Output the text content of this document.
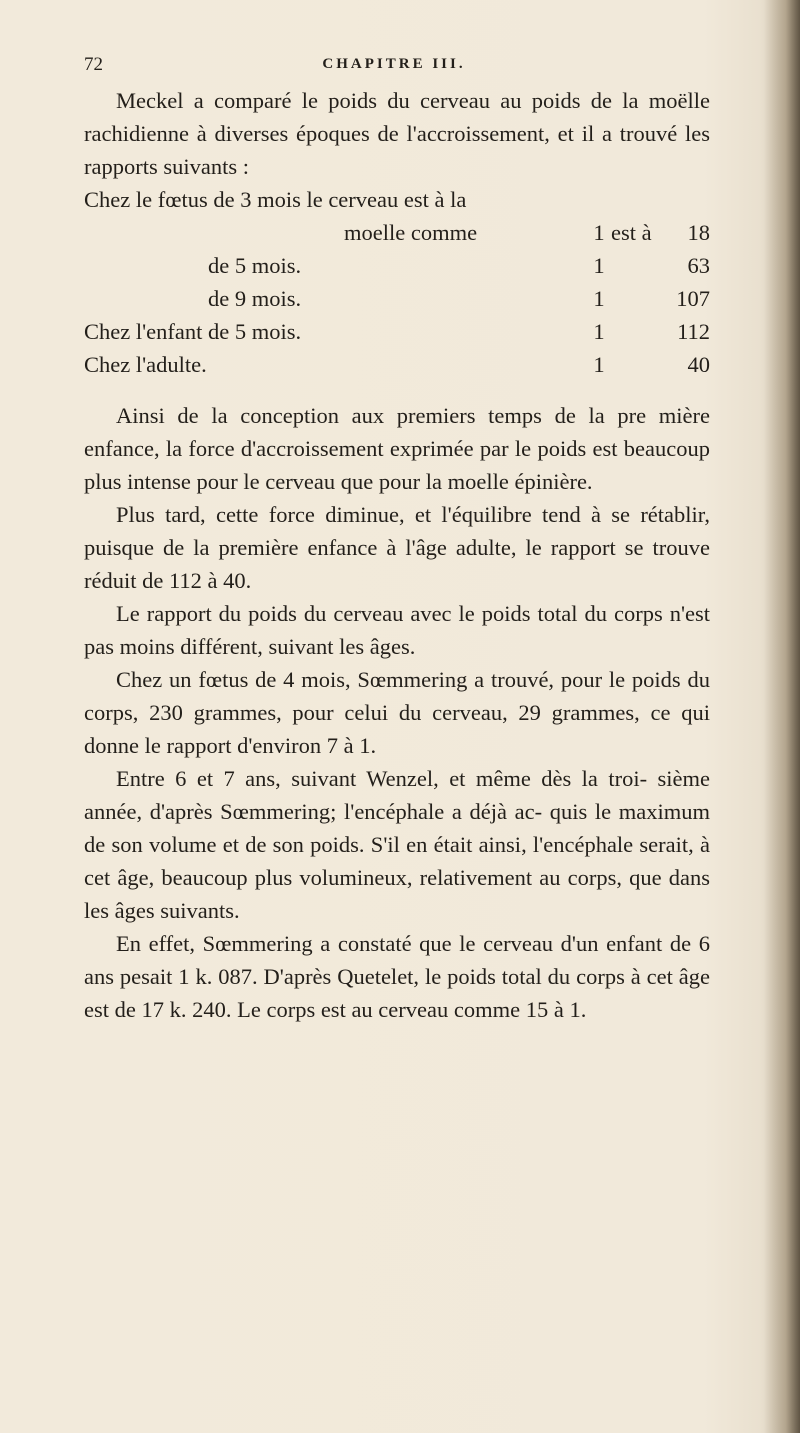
72	CHAPITRE III.

Meckel a comparé le poids du cerveau au poids de la moëlle rachidienne à diverses époques de l'accroissement, et il a trouvé les rapports suivants :

Chez le fœtus de 3 mois le cerveau est à la
moelle comme	1 est à	18
de 5 mois.	1	63
de 9 mois.	1	107
Chez l'enfant de 5 mois.	1	112
Chez l'adulte.	1	40

Ainsi de la conception aux premiers temps de la pre mière enfance, la force d'accroissement exprimée par le poids est beaucoup plus intense pour le cerveau que pour la moelle épinière.

Plus tard, cette force diminue, et l'équilibre tend à se rétablir, puisque de la première enfance à l'âge adulte, le rapport se trouve réduit de 112 à 40.

Le rapport du poids du cerveau avec le poids total du corps n'est pas moins différent, suivant les âges.

Chez un fœtus de 4 mois, Sœmmering a trouvé, pour le poids du corps, 230 grammes, pour celui du cerveau, 29 grammes, ce qui donne le rapport d'environ 7 à 1.

Entre 6 et 7 ans, suivant Wenzel, et même dès la troi- sième année, d'après Sœmmering; l'encéphale a déjà ac- quis le maximum de son volume et de son poids. S'il en était ainsi, l'encéphale serait, à cet âge, beaucoup plus volumineux, relativement au corps, que dans les âges suivants.

En effet, Sœmmering a constaté que le cerveau d'un enfant de 6 ans pesait 1 k. 087. D'après Quetelet, le poids total du corps à cet âge est de 17 k. 240. Le corps est au cerveau comme 15 à 1.
